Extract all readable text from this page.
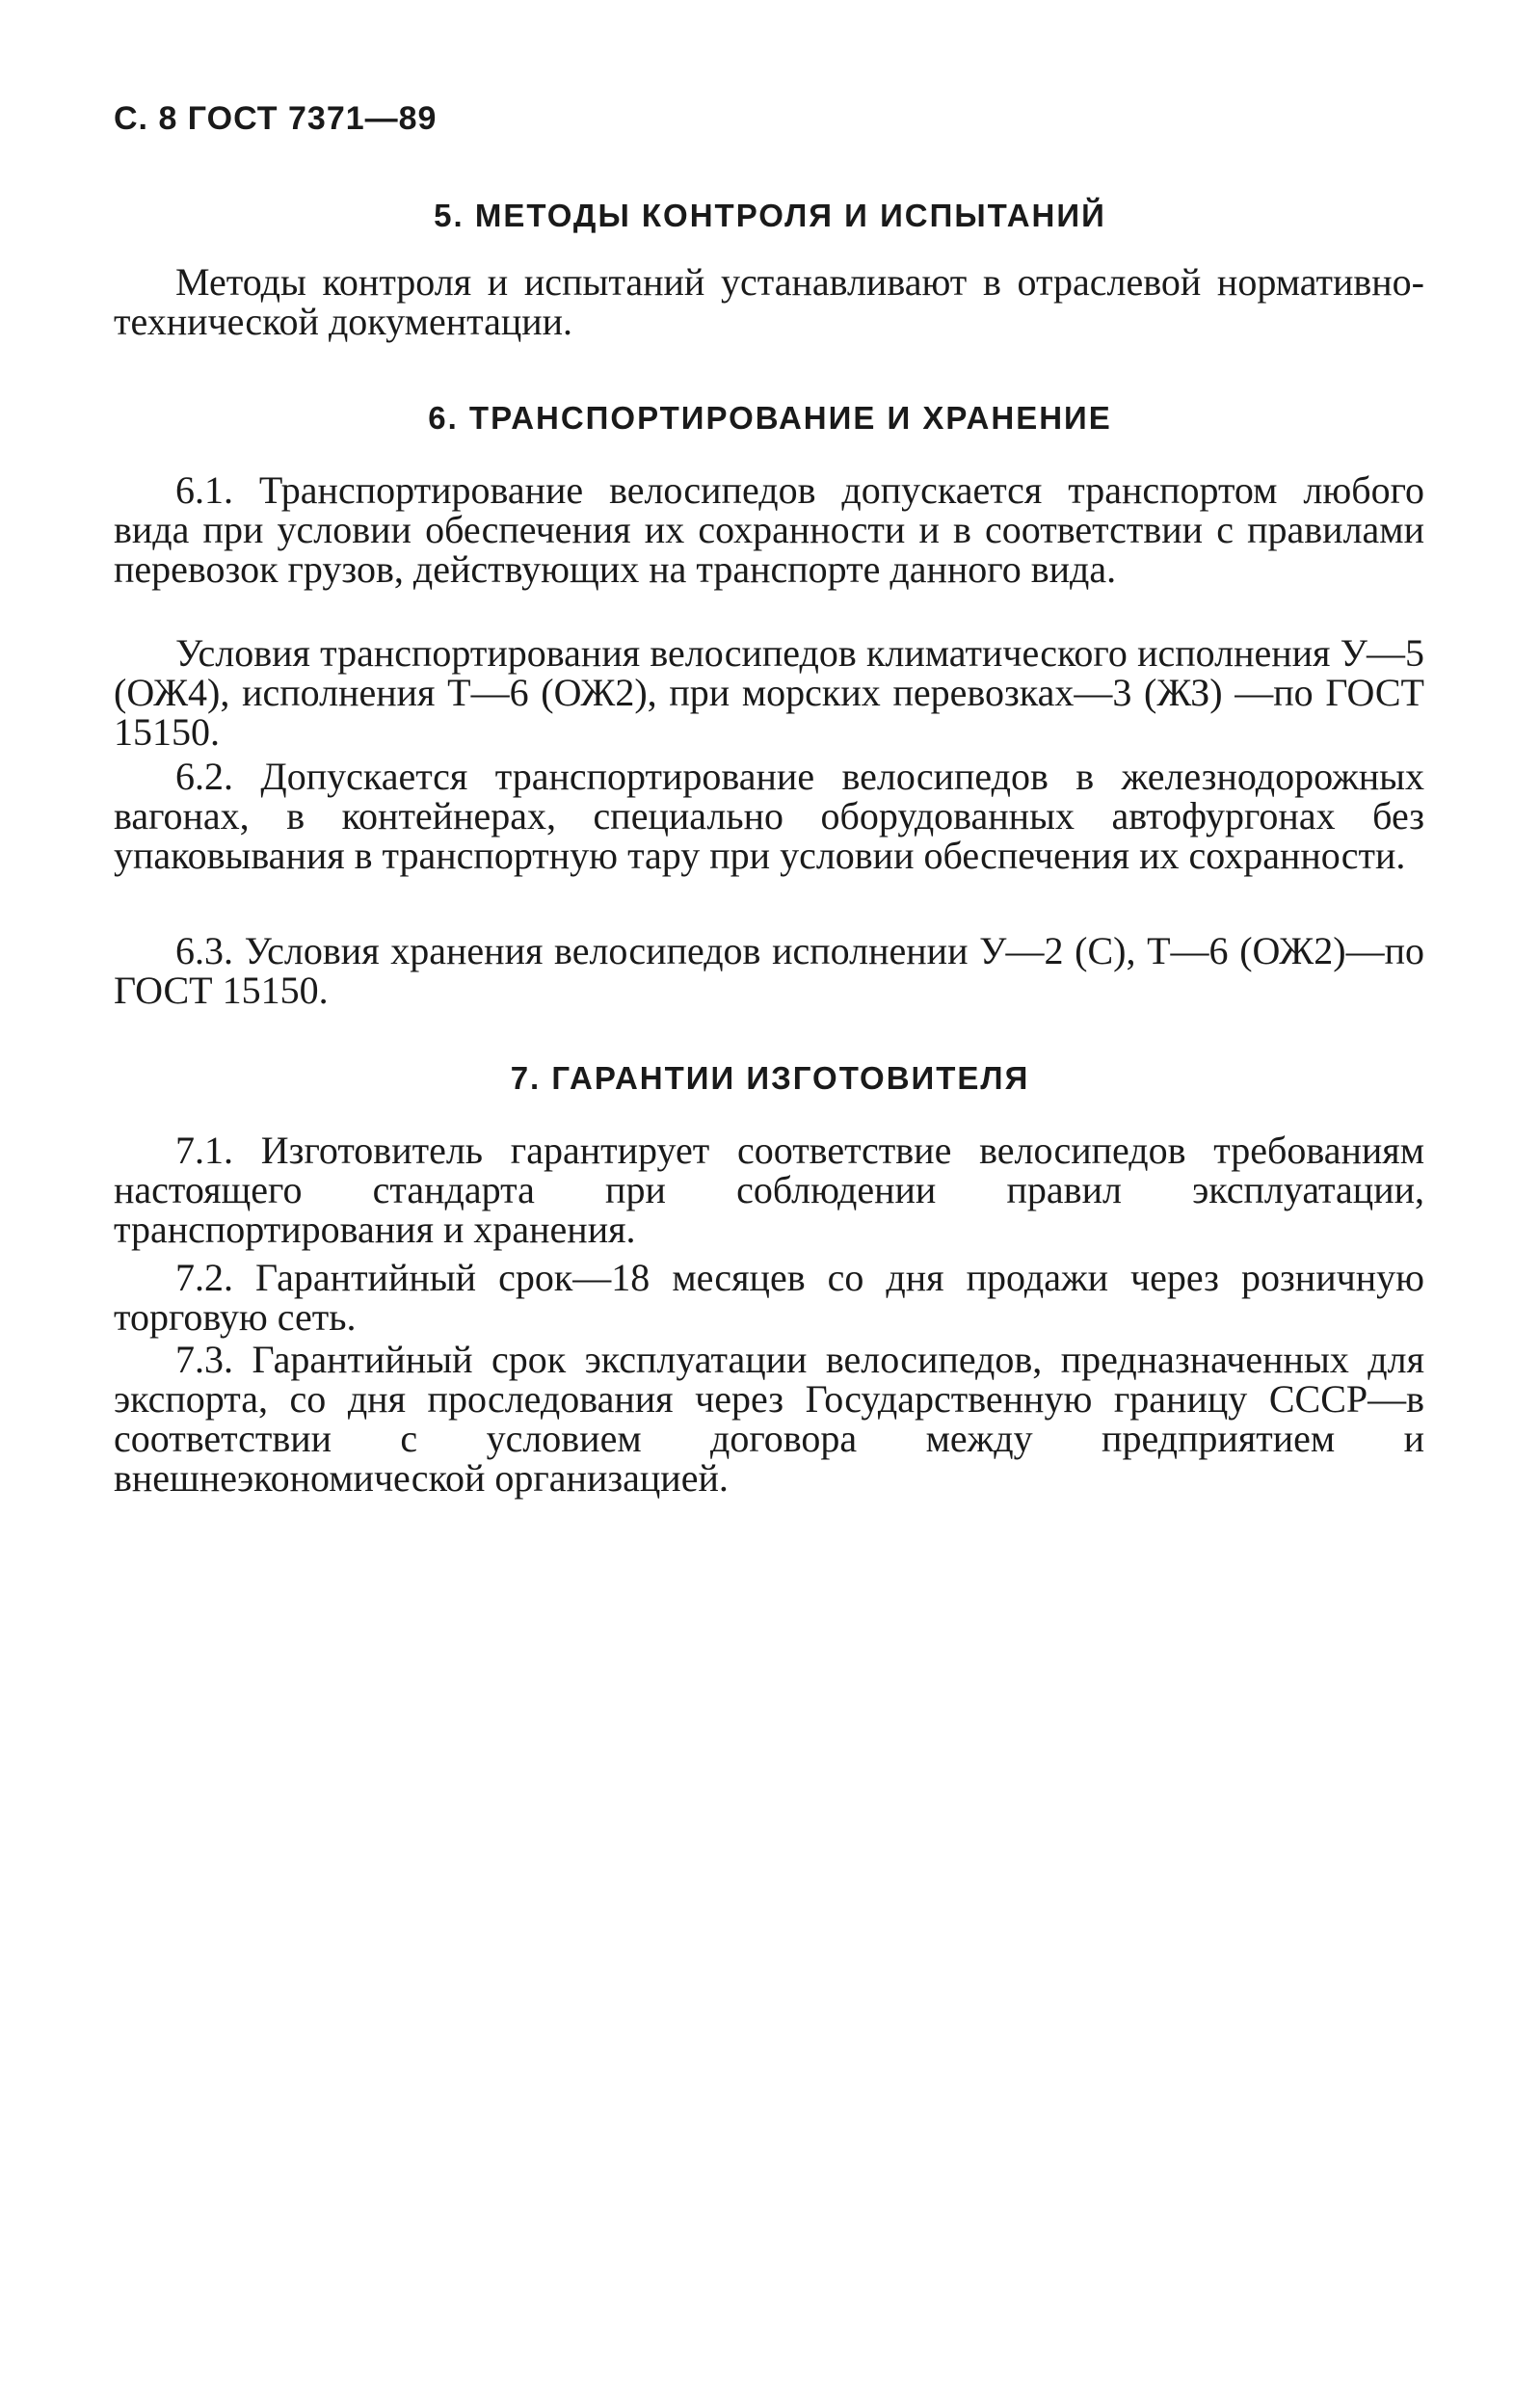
С. 8 ГОСТ 7371—89
5. МЕТОДЫ КОНТРОЛЯ И ИСПЫТАНИЙ

Методы контроля и испытаний устанавливают в отраслевой нормативно-технической документации.

6. ТРАНСПОРТИРОВАНИЕ И ХРАНЕНИЕ

6.1. Транспортирование велосипедов допускается транспортом любого вида при условии обеспечения их сохранности и в соответствии с правилами перевозок грузов, действующих на транспорте данного вида.

Условия транспортирования велосипедов климатического исполнения У—5 (ОЖ4), исполнения Т—6 (ОЖ2), при морских перевозках—3 (ЖЗ) —по ГОСТ 15150.

6.2. Допускается транспортирование велосипедов в железнодорожных вагонах, в контейнерах, специально оборудованных автофургонах без упаковывания в транспортную тару при условии обеспечения их сохранности.

6.3. Условия хранения велосипедов исполнении У—2 (С), Т—6 (ОЖ2)—по ГОСТ 15150.

7. ГАРАНТИИ ИЗГОТОВИТЕЛЯ

7.1. Изготовитель гарантирует соответствие велосипедов требованиям настоящего стандарта при соблюдении правил эксплуатации, транспортирования и хранения.

7.2. Гарантийный срок—18 месяцев со дня продажи через розничную торговую сеть.

7.3. Гарантийный срок эксплуатации велосипедов, предназначенных для экспорта, со дня проследования через Государственную границу СССР—в соответствии с условием договора между предприятием и внешнеэкономической организацией.
